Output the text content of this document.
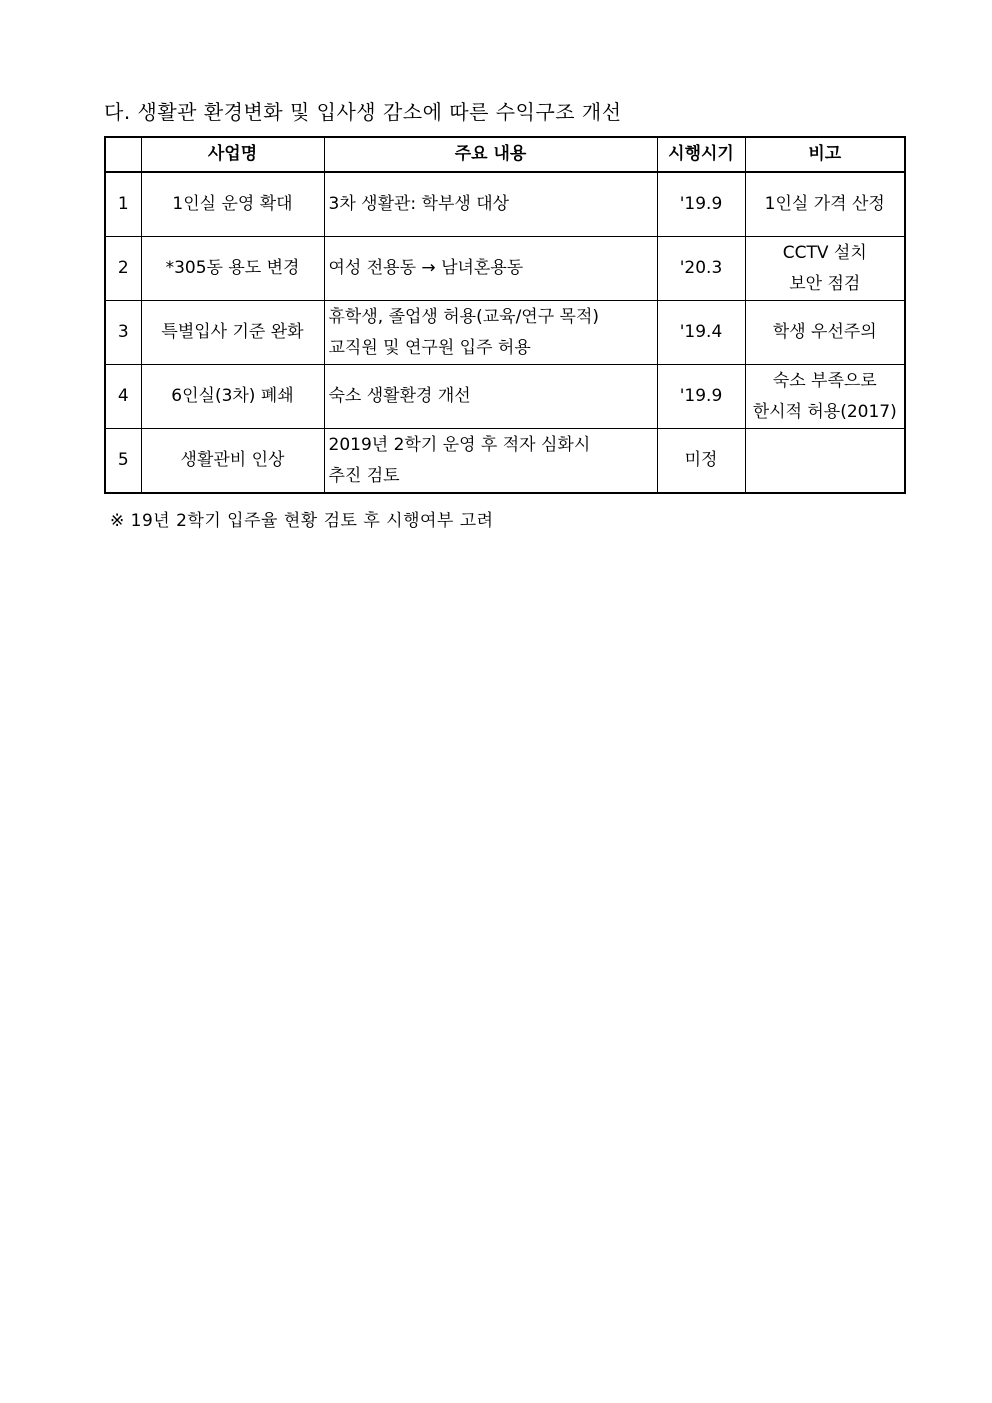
다. 생활관 환경변화 및 입사생 감소에 따른 수익구조 개선
	사업명	주요 내용	시행시기	비고
1	1인실 운영 확대	3차 생활관: 학부생 대상	'19.9	1인실 가격 산정

2	*305동 용도 변경	여성 전용동 → 남녀혼용동	'20.3	CCTV 설치
보안 점검

3	특별입사 기준 완화	휴학생, 졸업생 허용(교육/연구 목적)
교직원 및 연구원 입주 허용	'19.4	학생 우선주의

4	6인실(3차) 폐쇄	숙소 생활환경 개선	'19.9	숙소 부족으로
한시적 허용(2017)

5	생활관비 인상	2019년 2학기 운영 후 적자 심화시
추진 검토	미정	
※ 19년 2학기 입주율 현황 검토 후 시행여부 고려
